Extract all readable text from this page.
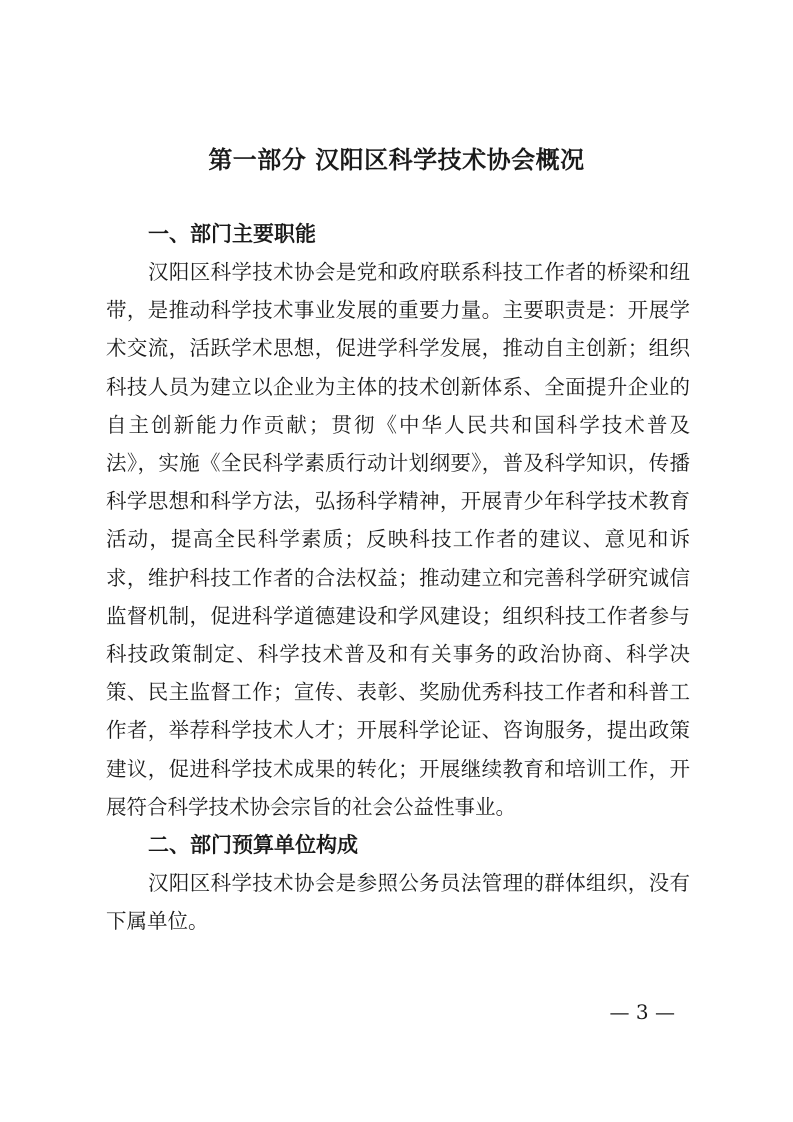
第一部分 汉阳区科学技术协会概况
一、部门主要职能

汉阳区科学技术协会是党和政府联系科技工作者的桥梁和纽带，是推动科学技术事业发展的重要力量。主要职责是：开展学术交流，活跃学术思想，促进学科学发展，推动自主创新；组织科技人员为建立以企业为主体的技术创新体系、全面提升企业的自主创新能力作贡献；贯彻《中华人民共和国科学技术普及法》，实施《全民科学素质行动计划纲要》，普及科学知识，传播科学思想和科学方法，弘扬科学精神，开展青少年科学技术教育活动，提高全民科学素质；反映科技工作者的建议、意见和诉求，维护科技工作者的合法权益；推动建立和完善科学研究诚信监督机制，促进科学道德建设和学风建设；组织科技工作者参与科技政策制定、科学技术普及和有关事务的政治协商、科学决策、民主监督工作；宣传、表彰、奖励优秀科技工作者和科普工作者，举荐科学技术人才；开展科学论证、咨询服务，提出政策建议，促进科学技术成果的转化；开展继续教育和培训工作，开展符合科学技术协会宗旨的社会公益性事业。

二、部门预算单位构成

汉阳区科学技术协会是参照公务员法管理的群体组织，没有下属单位。

— 3 —
